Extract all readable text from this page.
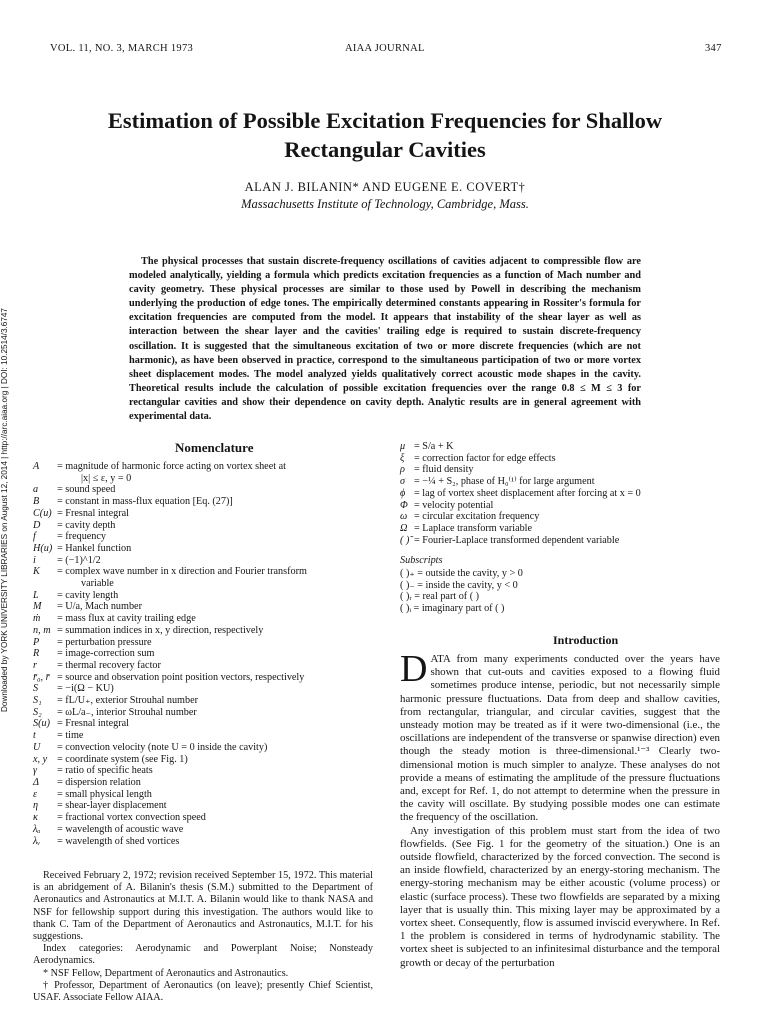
VOL. 11, NO. 3, MARCH 1973	AIAA JOURNAL	347
Estimation of Possible Excitation Frequencies for Shallow Rectangular Cavities
ALAN J. BILANIN* AND EUGENE E. COVERT†
Massachusetts Institute of Technology, Cambridge, Mass.

The physical processes that sustain discrete-frequency oscillations of cavities adjacent to compressible flow are modeled analytically, yielding a formula which predicts excitation frequencies as a function of Mach number and cavity geometry. These physical processes are similar to those used by Powell in describing the mechanism underlying the production of edge tones. The empirically determined constants appearing in Rossiter's formula for excitation frequencies are computed from the model. It appears that instability of the shear layer as well as interaction between the shear layer and the cavities' trailing edge is required to sustain discrete-frequency oscillation. It is suggested that the simultaneous excitation of two or more discrete frequencies (which are not harmonic), as have been observed in practice, correspond to the simultaneous participation of two or more vortex sheet displacement modes. The model analyzed yields qualitatively correct acoustic mode shapes in the cavity. Theoretical results include the calculation of possible excitation frequencies over the range 0.8 ≤ M ≤ 3 for rectangular cavities and show their dependence on cavity depth. Analytic results are in general agreement with experimental data.

Downloaded by YORK UNIVERSITY LIBRARIES on August 12, 2014 | http://arc.aiaa.org | DOI: 10.2514/3.6747	Nomenclature
A	= magnitude of harmonic force acting on vortex sheet at
|x| ≤ ε, y = 0
a	= sound speed
B	= constant in mass-flux equation [Eq. (27)]
C(u) = Fresnal integral
D	= cavity depth
f	= frequency
H(u) = Hankel function
i	= (−1)^1/2
K	= complex wave number in x direction and Fourier transform
variable
L	= cavity length
M	= U/a, Mach number
ṁ	= mass flux at cavity trailing edge
n, m = summation indices in x, y direction, respectively
P	= perturbation pressure
R	= image-correction sum
r	= thermal recovery factor
r̄₀, r̄ = source and observation point position vectors, respectively
S	= −i(Ω − KU)
S₁	= fL/U₊, exterior Strouhal number
S₂	= ωL/a₋, interior Strouhal number
S(u) = Fresnal integral
t	= time
U	= convection velocity (note U = 0 inside the cavity)
x, y = coordinate system (see Fig. 1)
γ	= ratio of specific heats
Δ	= dispersion relation
ε	= small physical length
η	= shear-layer displacement
κ	= fractional vortex convection speed
λₐ	= wavelength of acoustic wave
λᵥ	= wavelength of shed vortices
μ = S/a + K
ξ = correction factor for edge effects
ρ = fluid density
σ = −¼ + S₂, phase of H₀⁽¹⁾ for large argument
ϕ = lag of vortex sheet displacement after forcing at x = 0
Φ = velocity potential
ω = circular excitation frequency
Ω = Laplace transform variable
( )̃ = Fourier-Laplace transformed dependent variable
Subscripts
( )₊ = outside the cavity, y > 0
( )₋ = inside the cavity, y < 0
( )ᵣ = real part of ( )
( )ᵢ = imaginary part of ( )

Received February 2, 1972; revision received September 15, 1972. This material is an abridgement of A. Bilanin's thesis (S.M.) submitted to the Department of Aeronautics and Astronautics at M.I.T. A. Bilanin would like to thank NASA and NSF for fellowship support during this investigation. The authors would like to thank C. Tam of the Department of Aeronautics and Astronautics, M.I.T. for his suggestions.

Index categories: Aerodynamic and Powerplant Noise; Nonsteady Aerodynamics.

* NSF Fellow, Department of Aeronautics and Astronautics.

† Professor, Department of Aeronautics (on leave); presently Chief Scientist, USAF. Associate Fellow AIAA.

Introduction

DATA from many experiments conducted over the years have shown that cut-outs and cavities exposed to a flowing fluid sometimes produce intense, periodic, but not necessarily simple harmonic pressure fluctuations. Data from deep and shallow cavities, from rectangular, triangular, and circular cavities, suggest that the unsteady motion may be treated as if it were two-dimensional (i.e., the oscillations are independent of the transverse or spanwise direction) even though the steady motion is three-dimensional.¹⁻³ Clearly two-dimensional motion is much simpler to analyze. These analyses do not provide a means of estimating the amplitude of the pressure fluctuations and, except for Ref. 1, do not attempt to determine when the pressure in the cavity will oscillate. By studying possible modes one can estimate the frequency of the oscillation.

Any investigation of this problem must start from the idea of two flowfields. (See Fig. 1 for the geometry of the situation.) One is an outside flowfield, characterized by the forced convection. The second is an inside flowfield, characterized by an energy-storing mechanism. The energy-storing mechanism may be either acoustic (volume process) or elastic (surface process). These two flowfields are separated by a mixing layer that is usually thin. This mixing layer may be approximated by a vortex sheet. Consequently, flow is assumed inviscid everywhere. In Ref. 1 the problem is considered in terms of hydrodynamic stability. The vortex sheet is subjected to an infinitesimal disturbance and the temporal growth or decay of the perturbation
